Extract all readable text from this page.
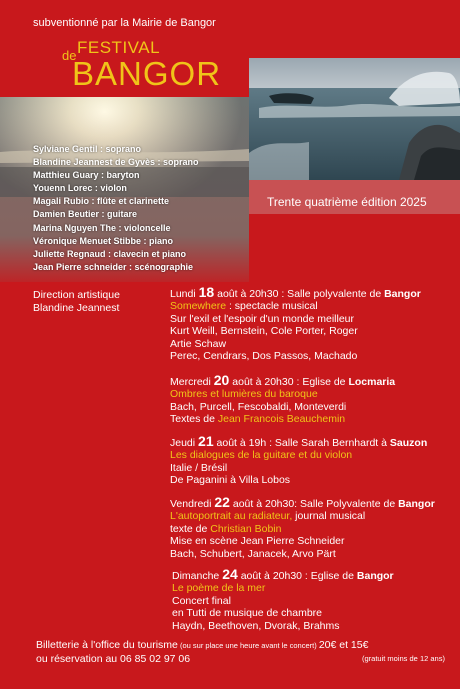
subventionné par la Mairie de Bangor
de FESTIVAL
BANGOR
Trente quatrième édition 2025
Sylviane Gentil : soprano
Blandine Jeannest de Gyvès : soprano
Matthieu Guary : baryton
Youenn Lorec : violon
Magali Rubio : flûte et clarinette
Damien Beutier : guitare
Marina Nguyen The : violoncelle
Véronique Menuet Stibbe : piano
Juliette Regnaud : clavecin et piano
Jean Pierre schneider : scénographie
Direction artistique
Blandine Jeannest
Lundi 18 août à 20h30 : Salle polyvalente de Bangor
Somewhere : spectacle musical
Sur l'exil et l'espoir d'un monde meilleur
Kurt Weill, Bernstein, Cole Porter, Roger
Artie Schaw
Perec, Cendrars, Dos Passos, Machado
Mercredi 20 août à 20h30 : Eglise de Locmaria
Ombres et lumières du baroque
Bach, Purcell, Fescobaldi, Monteverdi
Textes de Jean Francois Beauchemin
Jeudi 21 août à 19h : Salle Sarah Bernhardt à Sauzon
Les dialogues de la guitare et du violon
Italie / Brésil
De Paganini à Villa Lobos
Vendredi 22 août à 20h30: Salle Polyvalente de Bangor
L'autoportrait au radiateur, journal musical
texte de Christian Bobin
Mise en scène Jean Pierre Schneider
Bach, Schubert, Janacek, Arvo Pärt
Dimanche 24 août à 20h30 : Eglise de Bangor
Le poème de la mer
Concert final
en Tutti de musique de chambre
Haydn, Beethoven, Dvorak, Brahms
Billetterie à l'office du tourisme (ou sur place une heure avant le concert) 20€ et 15€
ou réservation au 06 85 02 97 06	(gratuit moins de 12 ans)
